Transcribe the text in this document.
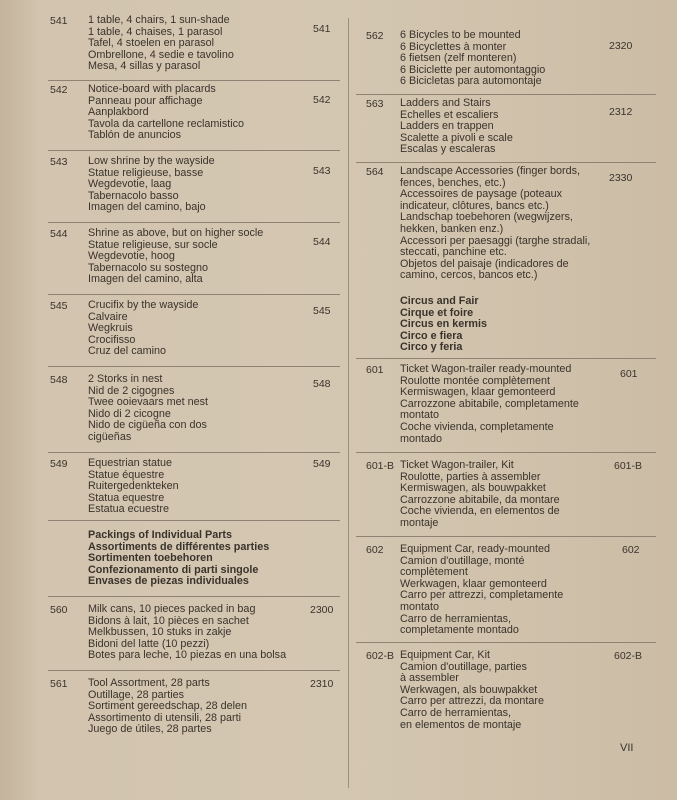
541 1 table, 4 chairs, 1 sun-shade
1 table, 4 chaises, 1 parasol
Tafel, 4 stoelen en parasol
Ombrellone, 4 sedie e tavolino
Mesa, 4 sillas y parasol
541
542 Notice-board with placards
Panneau pour affichage
Aanplakbord
Tavola da cartellone reclamistico
Tablón de anuncios
542
543 Low shrine by the wayside
Statue religieuse, basse
Wegdevotie, laag
Tabernacolo basso
Imagen del camino, bajo
543
544 Shrine as above, but on higher socle
Statue religieuse, sur socle
Wegdevotie, hoog
Tabernacolo su sostegno
Imagen del camino, alta
544
545 Crucifix by the wayside
Calvaire
Wegkruis
Crocifisso
Cruz del camino
545
548 2 Storks in nest
Nid de 2 cigognes
Twee ooievaars met nest
Nido di 2 cicogne
Nido de cigüeña con dos
cigüeñas
548
549 Equestrian statue
Statue équestre
Ruitergedenkteken
Statua equestre
Estatua ecuestre
549
Packings of Individual Parts
Assortiments de différentes parties
Sortimenten toebehoren
Confezionamento di parti singole
Envases de piezas individuales
560 Milk cans, 10 pieces packed in bag
Bidons à lait, 10 pièces en sachet
Melkbussen, 10 stuks in zakje
Bidoni del latte (10 pezzi)
Botes para leche, 10 piezas en una bolsa
2300
561 Tool Assortment, 28 parts
Outillage, 28 parties
Sortiment gereedschap, 28 delen
Assortimento di utensili, 28 parti
Juego de útiles, 28 partes
2310
562 6 Bicycles to be mounted
6 Bicyclettes à monter
6 fietsen (zelf monteren)
6 Biciclette per automontaggio
6 Bicicletas para automontaje
2320
563 Ladders and Stairs
Echelles et escaliers
Ladders en trappen
Scalette a pivoli e scale
Escalas y escaleras
2312
564 Landscape Accessories (finger bords,
fences, benches, etc.)
Accessoires de paysage (poteaux
indicateur, clôtures, bancs etc.)
Landschap toebehoren (wegwijzers,
hekken, banken enz.)
Accessori per paesaggi (targhe stradali,
steccati, panchine etc.
Objetos del paisaje (indicadores de
camino, cercos, bancos etc.)
2330
Circus and Fair
Cirque et foire
Circus en kermis
Circo e fiera
Circo y feria
601 Ticket Wagon-trailer ready-mounted
Roulotte montée complètement
Kermiswagen, klaar gemonteerd
Carrozzone abitabile, completamente
montato
Coche vivienda, completamente
montado
601
601-B Ticket Wagon-trailer, Kit
Roulotte, parties à assembler
Kermiswagen, als bouwpakket
Carrozzone abitabile, da montare
Coche vivienda, en elementos de
montaje
601-B
602 Equipment Car, ready-mounted
Camion d'outillage, monté
complètement
Werkwagen, klaar gemonteerd
Carro per attrezzi, completamente
montato
Carro de herramientas,
completamente montado
602
602-B Equipment Car, Kit
Camion d'outillage, parties
à assembler
Werkwagen, als bouwpakket
Carro per attrezzi, da montare
Carro de herramientas,
en elementos de montaje
602-B
VII
